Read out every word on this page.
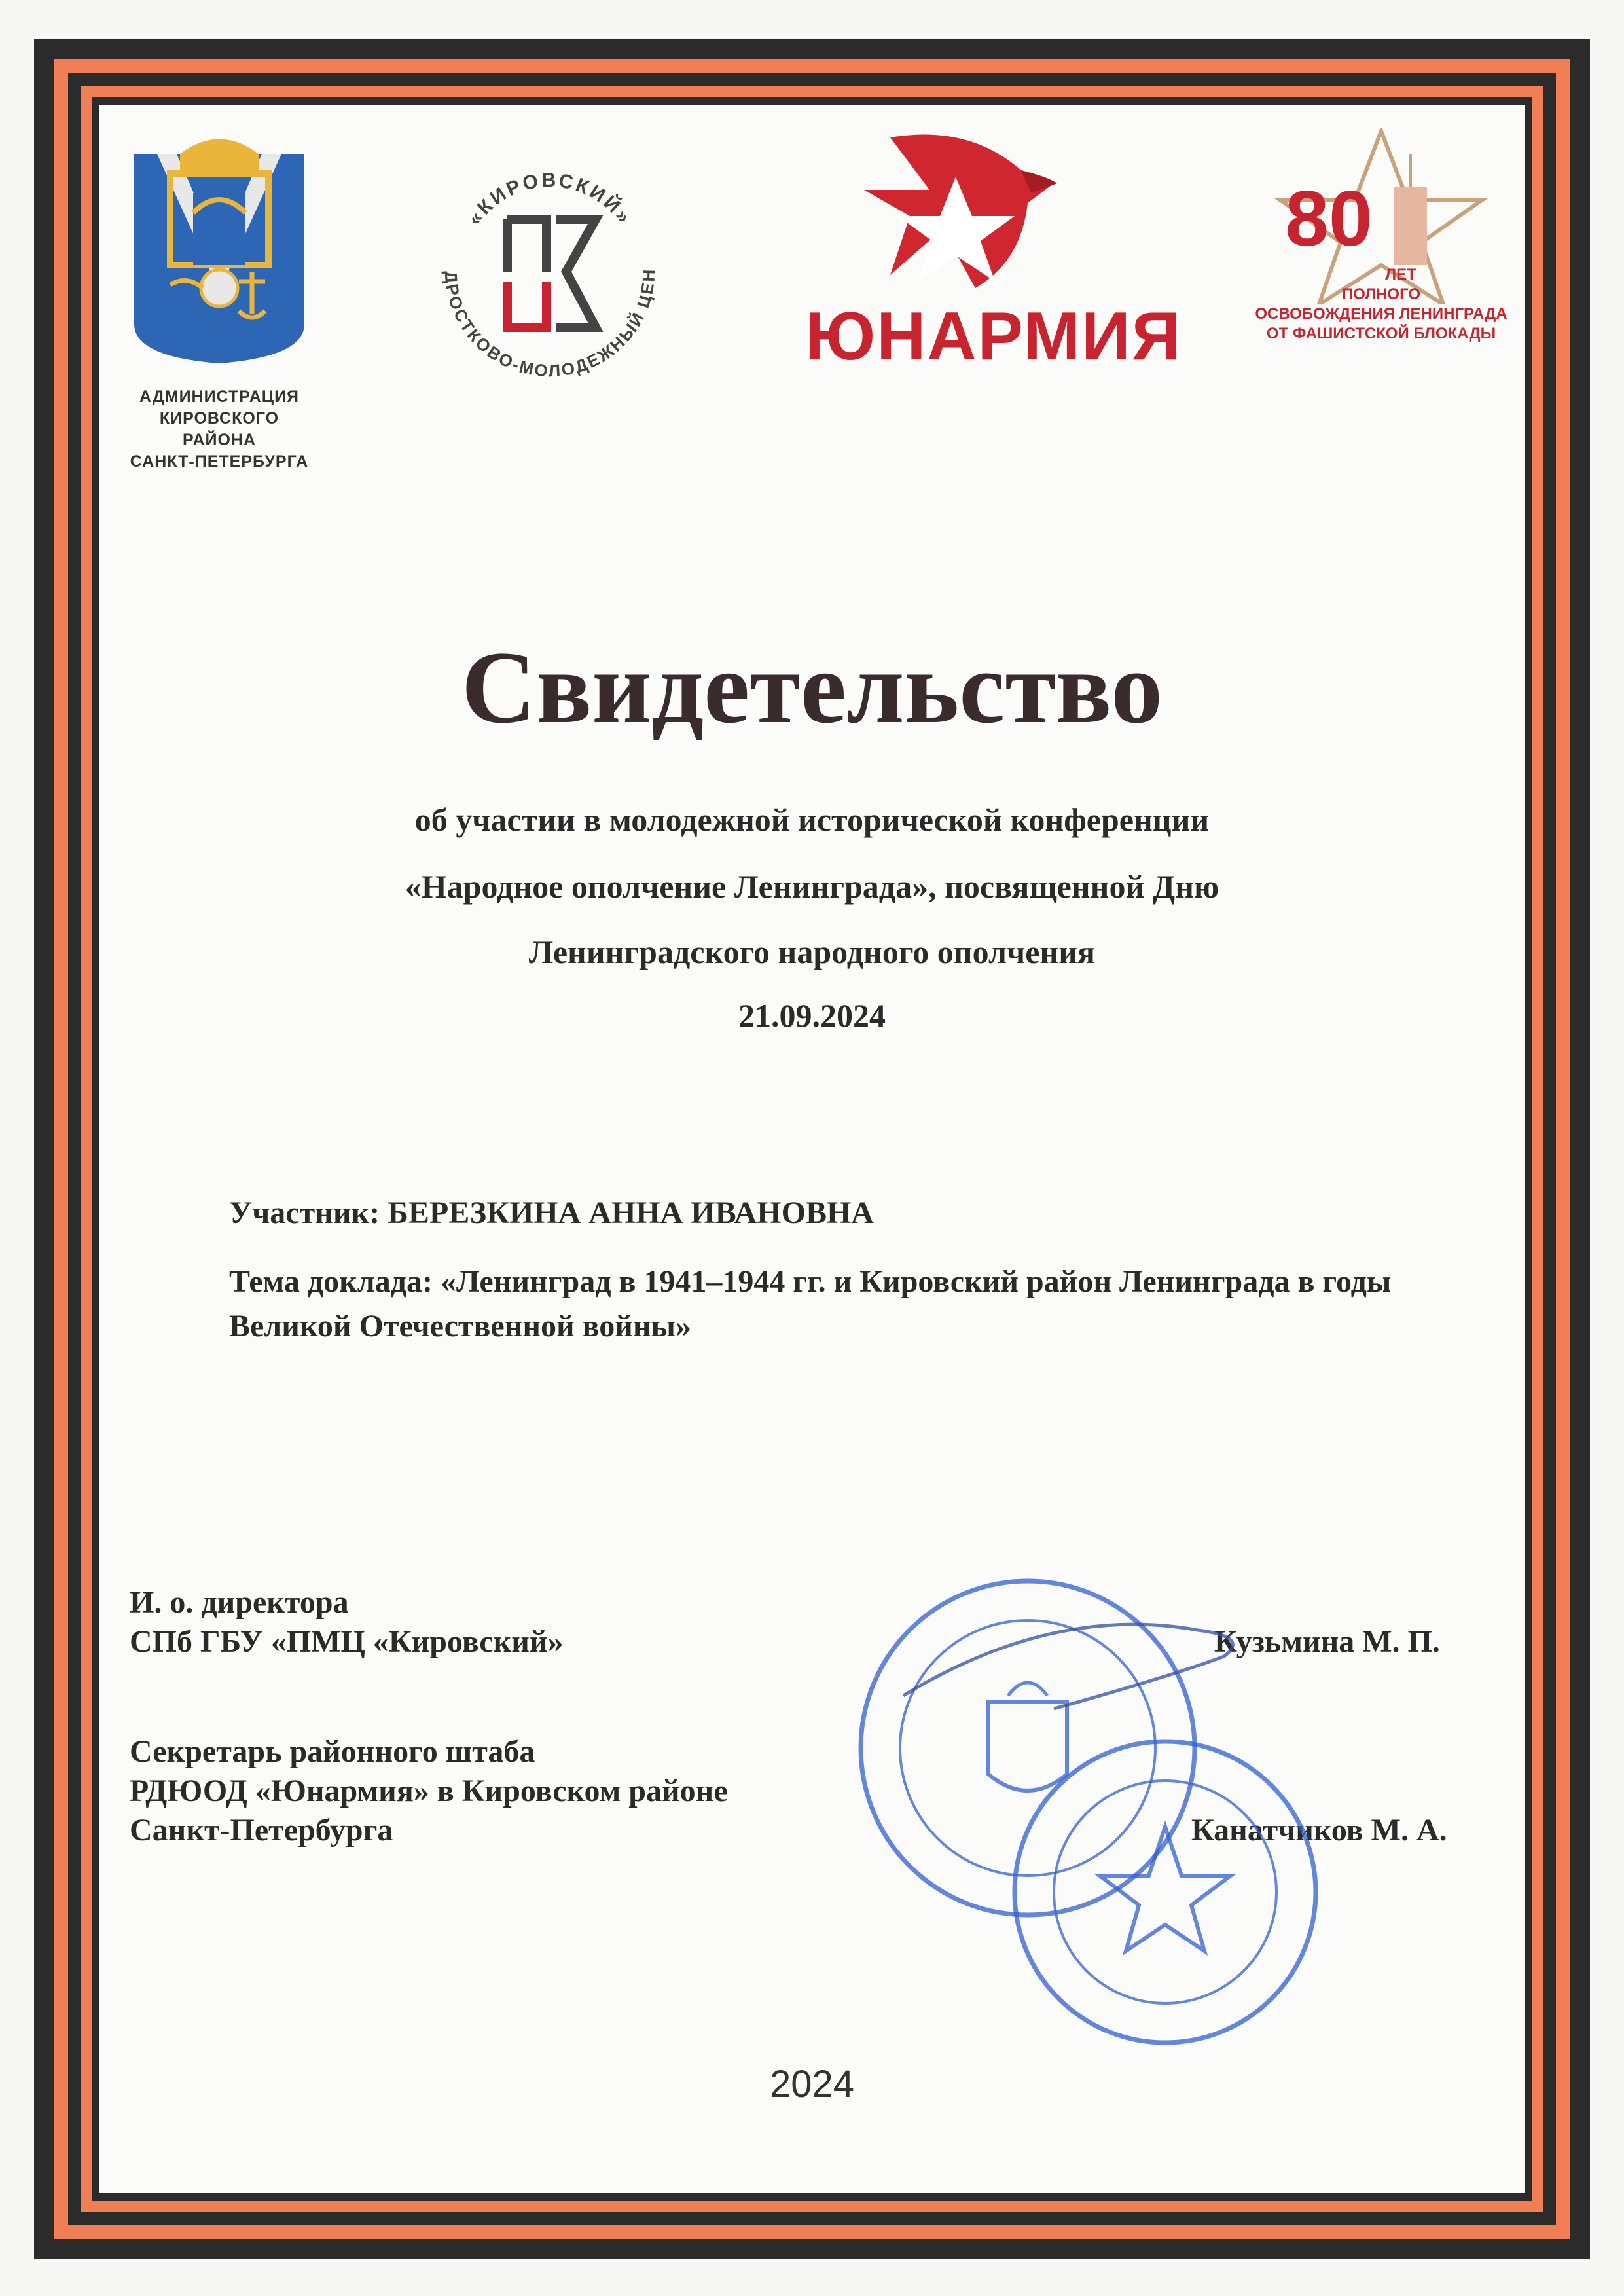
АДМИНИСТРАЦИЯ
КИРОВСКОГО РАЙОНА
САНКТ-ПЕТЕРБУРГА
«КИРОВСКИЙ»
ДРОСТКОВО-МОЛОДЕЖНЫЙ ЦЕН
ЮНАРМИЯ
80
ЛЕТ
ПОЛНОГО
ОСВОБОЖДЕНИЯ ЛЕНИНГРАДА
ОТ ФАШИСТСКОЙ БЛОКАДЫ
Свидетельство
об участии в молодежной исторической конференции
«Народное ополчение Ленинграда», посвященной Дню
Ленинградского народного ополчения
21.09.2024
Участник: БЕРЕЗКИНА АННА ИВАНОВНА
Тема доклада: «Ленинград в 1941–1944 гг. и Кировский район Ленинграда в годы
Великой Отечественной войны»
И. о. директора
СПб ГБУ «ПМЦ «Кировский»	Кузьмина М. П.
Секретарь районного штаба
РДЮОД «Юнармия» в Кировском районе
Санкт-Петербурга	Канатчиков М. А.
2024
